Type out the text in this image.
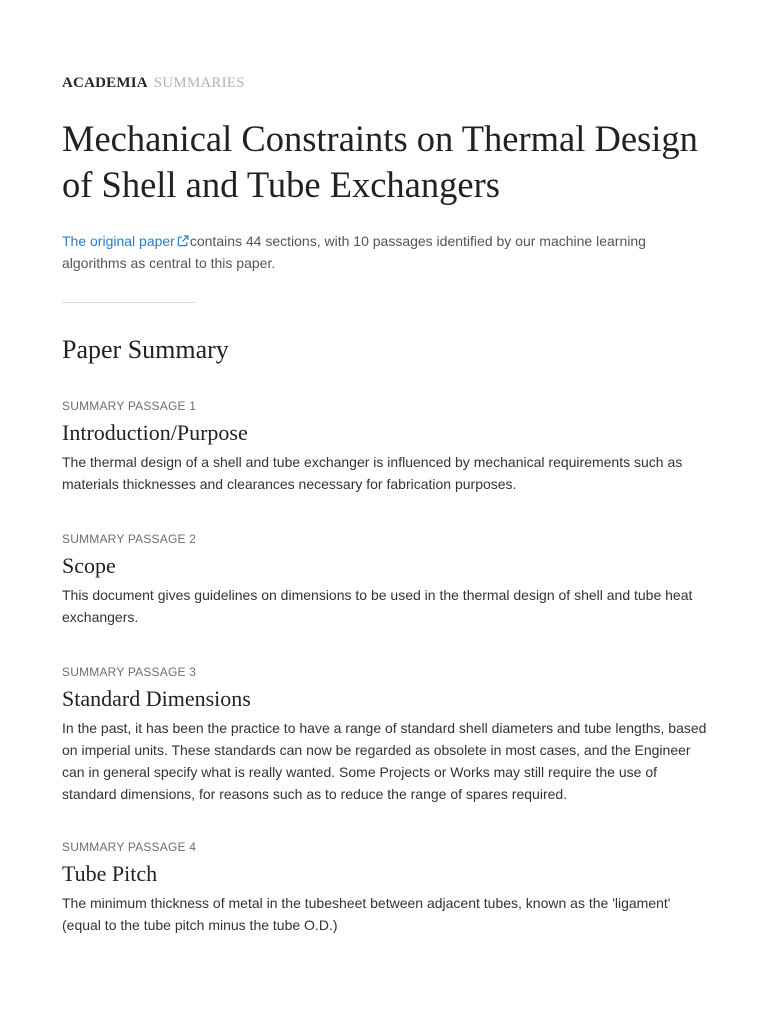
ACADEMIA SUMMARIES
Mechanical Constraints on Thermal Design of Shell and Tube Exchangers

The original paper contains 44 sections, with 10 passages identified by our machine learning algorithms as central to this paper.

Paper Summary

SUMMARY PASSAGE 1

Introduction/Purpose

The thermal design of a shell and tube exchanger is influenced by mechanical requirements such as materials thicknesses and clearances necessary for fabrication purposes.

SUMMARY PASSAGE 2

Scope

This document gives guidelines on dimensions to be used in the thermal design of shell and tube heat exchangers.

SUMMARY PASSAGE 3

Standard Dimensions

In the past, it has been the practice to have a range of standard shell diameters and tube lengths, based on imperial units. These standards can now be regarded as obsolete in most cases, and the Engineer can in general specify what is really wanted. Some Projects or Works may still require the use of standard dimensions, for reasons such as to reduce the range of spares required.

SUMMARY PASSAGE 4

Tube Pitch

The minimum thickness of metal in the tubesheet between adjacent tubes, known as the 'ligament' (equal to the tube pitch minus the tube O.D.)
